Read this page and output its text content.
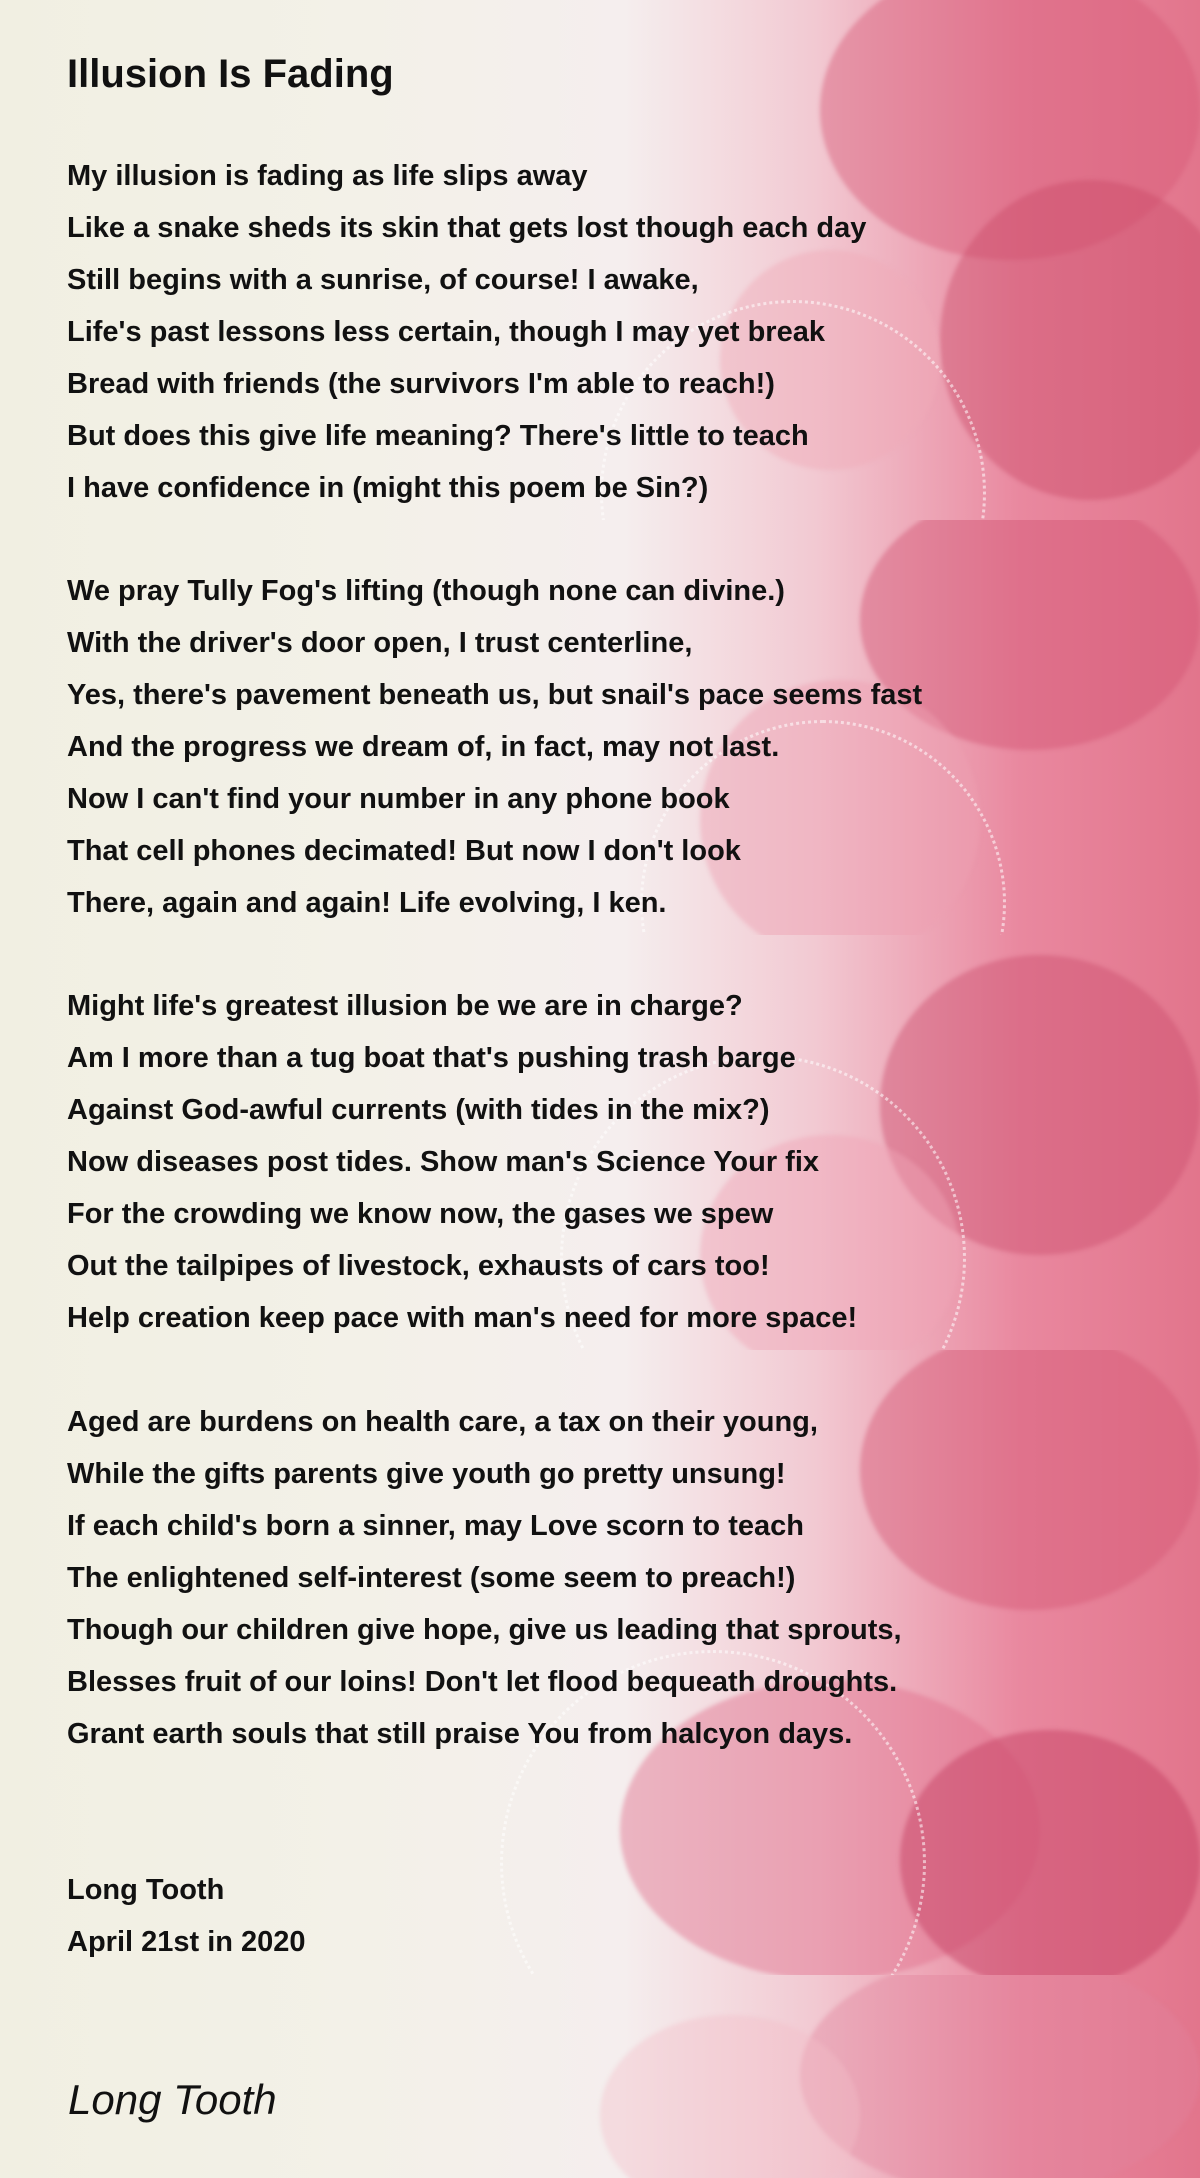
Illusion Is Fading
My illusion is fading as life slips away
Like a snake sheds its skin that gets lost though each day
Still begins with a sunrise, of course! I awake,
Life's past lessons less certain, though I may yet break
Bread with friends (the survivors I'm able to reach!)
But does this give life meaning? There's little to teach
I have confidence in (might this poem be Sin?)
We pray Tully Fog's lifting (though none can divine.)
With the driver's door open, I trust centerline,
Yes, there's pavement beneath us, but snail's pace seems fast
And the progress we dream of, in fact, may not last.
Now I can't find your number in any phone book
That cell phones decimated! But now I don't look
There, again and again! Life evolving, I ken.
Might life's greatest illusion be we are in charge?
Am I more than a tug boat that's pushing trash barge
Against God-awful currents (with tides in the mix?)
Now diseases post tides. Show man's Science Your fix
For the crowding we know now, the gases we spew
Out the tailpipes of livestock, exhausts of cars too!
Help creation keep pace with man's need for more space!
Aged are burdens on health care, a tax on their young,
While the gifts parents give youth go pretty unsung!
If each child's born a sinner, may Love scorn to teach
The enlightened self-interest (some seem to preach!)
Though our children give hope, give us leading that sprouts,
Blesses fruit of our loins! Don't let flood bequeath droughts.
Grant earth souls that still praise You from halcyon days.
Long Tooth
April 21st in 2020
Long Tooth
